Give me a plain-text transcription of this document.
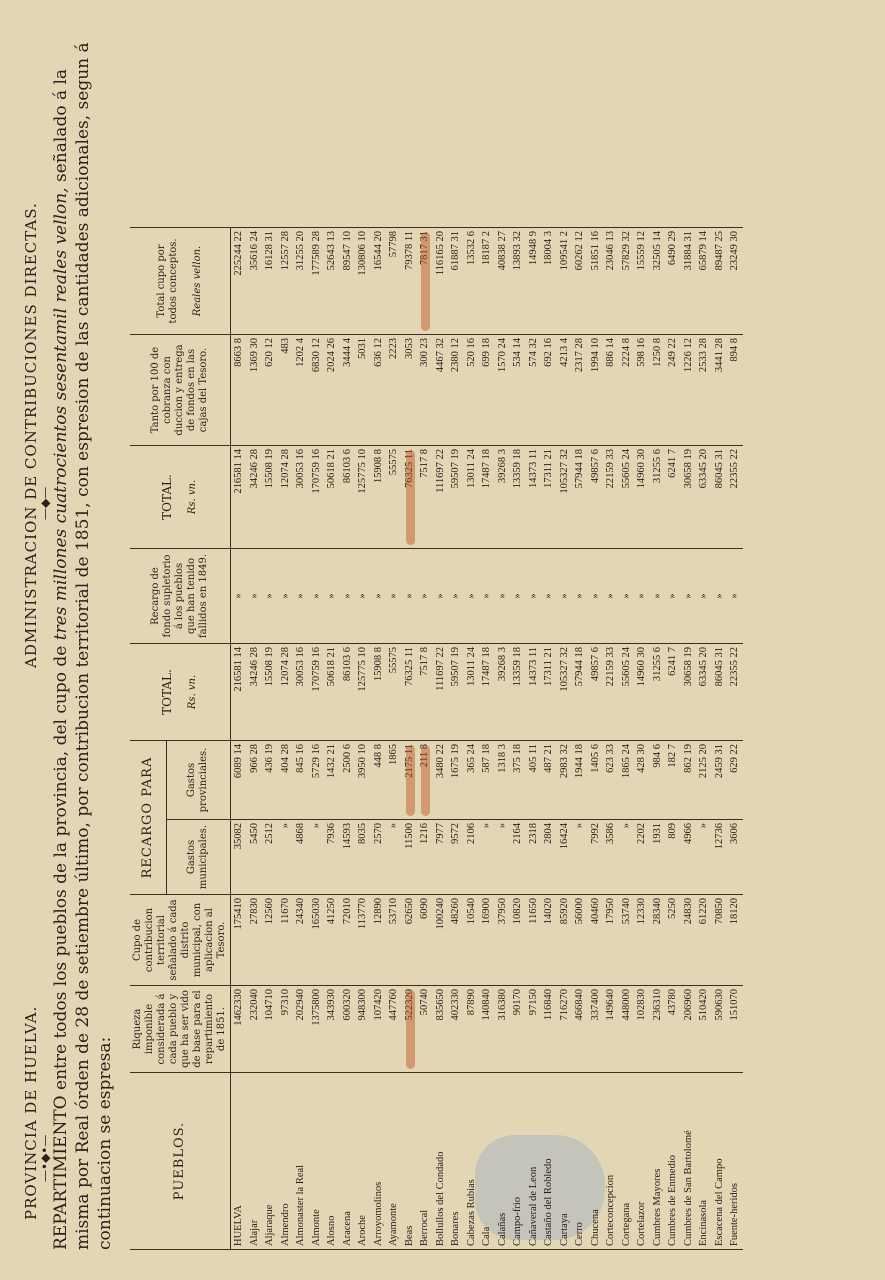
PROVINCIA DE HUELVA.
—•◆•—
ADMINISTRACION DE CONTRIBUCIONES DIRECTAS.
—◆—
REPARTIMIENTO entre todos los pueblos de la provincia, del cupo de tres millones cuatrocientos sesentamil reales vellon, señalado á la misma por Real órden de 28 de setiembre último, por contribucion territorial de 1851, con espresion de las cantidades adicionales, segun á continuacion se espresa:	PUEBLOS.	Riqueza imponible considerada á cada pueblo y que ha ser vido de base para el repartimiento de 1851.	Cupo de contribucion territorial señalado á cada distrito municipal, con aplicacion al Tesoro.	RECARGO PARA		TOTAL. Rs. vn.	Recargo de fondo supletorio á los pueblos que han tenido fallidos en 1849.	TOTAL. Rs. vn.	Tanto por 100 de cobranza con duccion y entrega de fondos en las cajas del Tesoro.	Total cupo por todos conceptos. Reales vellon.
			Gastos municipales.	Gastos provinciales.					
HUELVA	1462330	175410	35082	6089 14	216581 14	»	216581 14	8663 8	225244 22
Alajar	232040	27830	5450	966 28	34246 28	»	34246 28	1369 30	35616 24
Aljaraque	104710	12560	2512	436 19	15508 19	»	15508 19	620 12	16128 31
Almendro	97310	11670	»	404 28	12074 28	»	12074 28	483	12557 28
Almonaster la Real	202940	24340	4868	845 16	30053 16	»	30053 16	1202 4	31255 20
Almonte	1375800	165030	»	5729 16	170759 16	»	170759 16	6830 12	177589 28
Alosno	343930	41250	7936	1432 21	50618 21	»	50618 21	2024 26	52643 13
Aracena	600320	72010	14593	2500 6	86103 6	»	86103 6	3444 4	89547 10
Aroche	948300	113770	8035	3950 10	125775 10	»	125775 10	5031	130806 10
Arroyomolinos	107420	12890	2570	448 8	15908 8	»	15908 8	636 12	16544 20
Ayamonte	447760	53710	»	1865	55575	»	55575	2223	57798
Beas	522320	62650	11500	2175 11	76325 11	»	76325 11	3053	79378 11
Berrocal	50740	6090	1216	211 8	7517 8	»	7517 8	300 23	7817 31
Bollullos del Condado	835650	100240	7977	3480 22	111697 22	»	111697 22	4467 32	116165 20
Bonares	402330	48260	9572	1675 19	59507 19	»	59507 19	2380 12	61887 31
Cabezas Rubias	87890	10540	2106	365 24	13011 24	»	13011 24	520 16	13532 6
Cala	140840	16900	»	587 18	17487 18	»	17487 18	699 18	18187 2
Calañas	316380	37950	»	1318 3	39268 3	»	39268 3	1570 24	40838 27
Campo-frio	90170	10820	2164	375 18	13359 18	»	13359 18	534 14	13893 32
Cañaveral de Leon	97150	11650	2318	405 11	14373 11	»	14373 11	574 32	14948 9
Castaño del Robledo	116840	14020	2804	487 21	17311 21	»	17311 21	692 16	18004 3
Cartaya	716270	85920	16424	2983 32	105327 32	»	105327 32	4213 4	109541 2
Cerro	466840	56000	»	1944 18	57944 18	»	57944 18	2317 28	60262 12
Chucena	337400	40460	7992	1405 6	49857 6	»	49857 6	1994 10	51851 16
Corteconcepcion	149640	17950	3586	623 33	22159 33	»	22159 33	886 14	23046 13
Cortegana	448000	53740	»	1865 24	55605 24	»	55605 24	2224 8	57829 32
Cortelazor	102830	12330	2202	428 30	14960 30	»	14960 30	598 16	15559 12
Cumbres Mayores	236310	28340	1931	984 6	31255 6	»	31255 6	1250 8	32505 14
Cumbres de Enmedio	43780	5250	809	182 7	6241 7	»	6241 7	249 22	6490 29
Cumbres de San Bartolomé	206960	24830	4966	862 19	30658 19	»	30658 19	1226 12	31884 31
Encinasola	510420	61220	»	2125 20	63345 20	»	63345 20	2533 28	65879 14
Escacena del Campo	590630	70850	12736	2459 31	86045 31	»	86045 31	3441 28	89487 25
Fuente-heridos	151070	18120	3606	629 22	22355 22	»	22355 22	894 8	23249 30
